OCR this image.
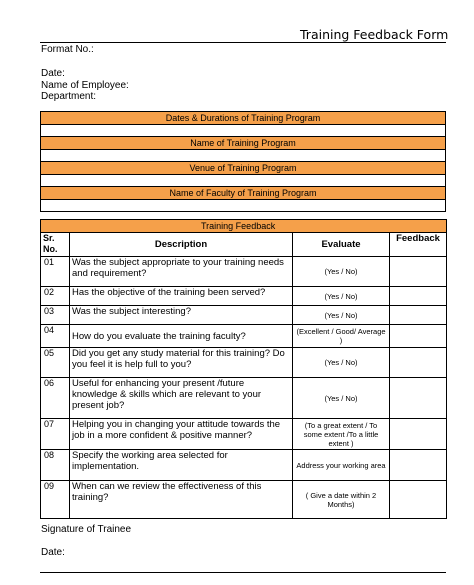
Training Feedback Form
Format No.:
Date:
Name of Employee:
Department:
Dates & Durations of Training Program
Name of Training Program
Venue of Training Program
Name of Faculty of Training Program
Training Feedback			
Sr. No.	Description	Evaluate	Feedback
01	Was the subject appropriate to your training needs and requirement?	(Yes / No)	
02	Has the objective of the training been served?	(Yes / No)	
03	Was the subject interesting?	(Yes / No)	
04	How do you evaluate the training faculty?	(Excellent / Good/ Average )	
05	Did you get any study material for this training? Do you feel it is help full to you?	(Yes / No)	
06	Useful for enhancing your present /future knowledge & skills which are relevant to your present job?	(Yes / No)	
07	Helping you in changing your attitude towards the job in a more confident & positive manner?	(To a great extent / To some extent /To a little extent )	
08	Specify the working area selected for implementation.	Address your working area	
09	When can we review the effectiveness of this training?	( Give a date within 2 Months)	
Signature of Trainee
Date:
